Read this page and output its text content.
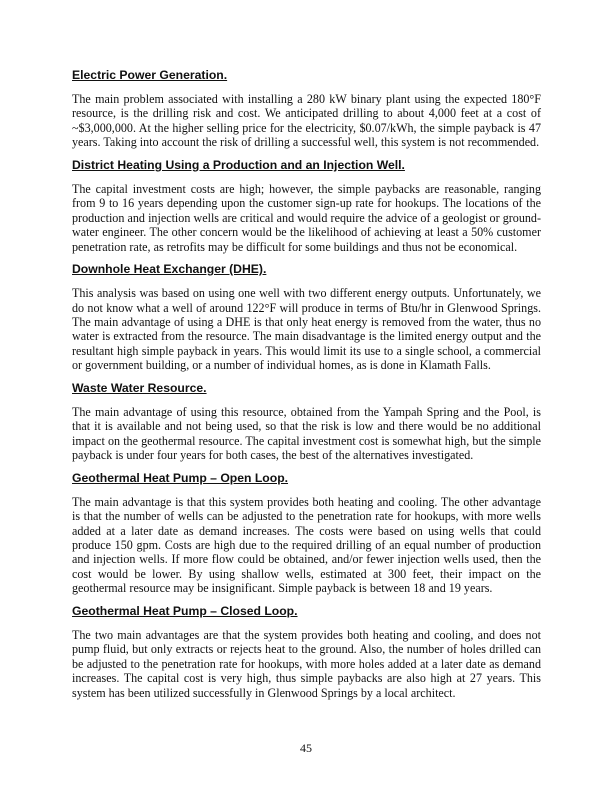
Electric Power Generation.

The main problem associated with installing a 280 kW binary plant using the expected 180°F resource, is the drilling risk and cost. We anticipated drilling to about 4,000 feet at a cost of ~$3,000,000. At the higher selling price for the electricity, $0.07/kWh, the simple payback is 47 years. Taking into account the risk of drilling a successful well, this system is not recommended.

District Heating Using a Production and an Injection Well.

The capital investment costs are high; however, the simple paybacks are reasonable, ranging from 9 to 16 years depending upon the customer sign-up rate for hookups. The locations of the production and injection wells are critical and would require the advice of a geologist or ground-water engineer. The other concern would be the likelihood of achieving at least a 50% customer penetration rate, as retrofits may be difficult for some buildings and thus not be economical.

Downhole Heat Exchanger (DHE).

This analysis was based on using one well with two different energy outputs. Unfortunately, we do not know what a well of around 122°F will produce in terms of Btu/hr in Glenwood Springs. The main advantage of using a DHE is that only heat energy is removed from the water, thus no water is extracted from the resource. The main disadvantage is the limited energy output and the resultant high simple payback in years. This would limit its use to a single school, a commercial or government building, or a number of individual homes, as is done in Klamath Falls.

Waste Water Resource.

The main advantage of using this resource, obtained from the Yampah Spring and the Pool, is that it is available and not being used, so that the risk is low and there would be no additional impact on the geothermal resource. The capital investment cost is somewhat high, but the simple payback is under four years for both cases, the best of the alternatives investigated.

Geothermal Heat Pump – Open Loop.

The main advantage is that this system provides both heating and cooling. The other advantage is that the number of wells can be adjusted to the penetration rate for hookups, with more wells added at a later date as demand increases. The costs were based on using wells that could produce 150 gpm. Costs are high due to the required drilling of an equal number of production and injection wells. If more flow could be obtained, and/or fewer injection wells used, then the cost would be lower. By using shallow wells, estimated at 300 feet, their impact on the geothermal resource may be insignificant. Simple payback is between 18 and 19 years.

Geothermal Heat Pump – Closed Loop.

The two main advantages are that the system provides both heating and cooling, and does not pump fluid, but only extracts or rejects heat to the ground. Also, the number of holes drilled can be adjusted to the penetration rate for hookups, with more holes added at a later date as demand increases. The capital cost is very high, thus simple paybacks are also high at 27 years. This system has been utilized successfully in Glenwood Springs by a local architect.

45
